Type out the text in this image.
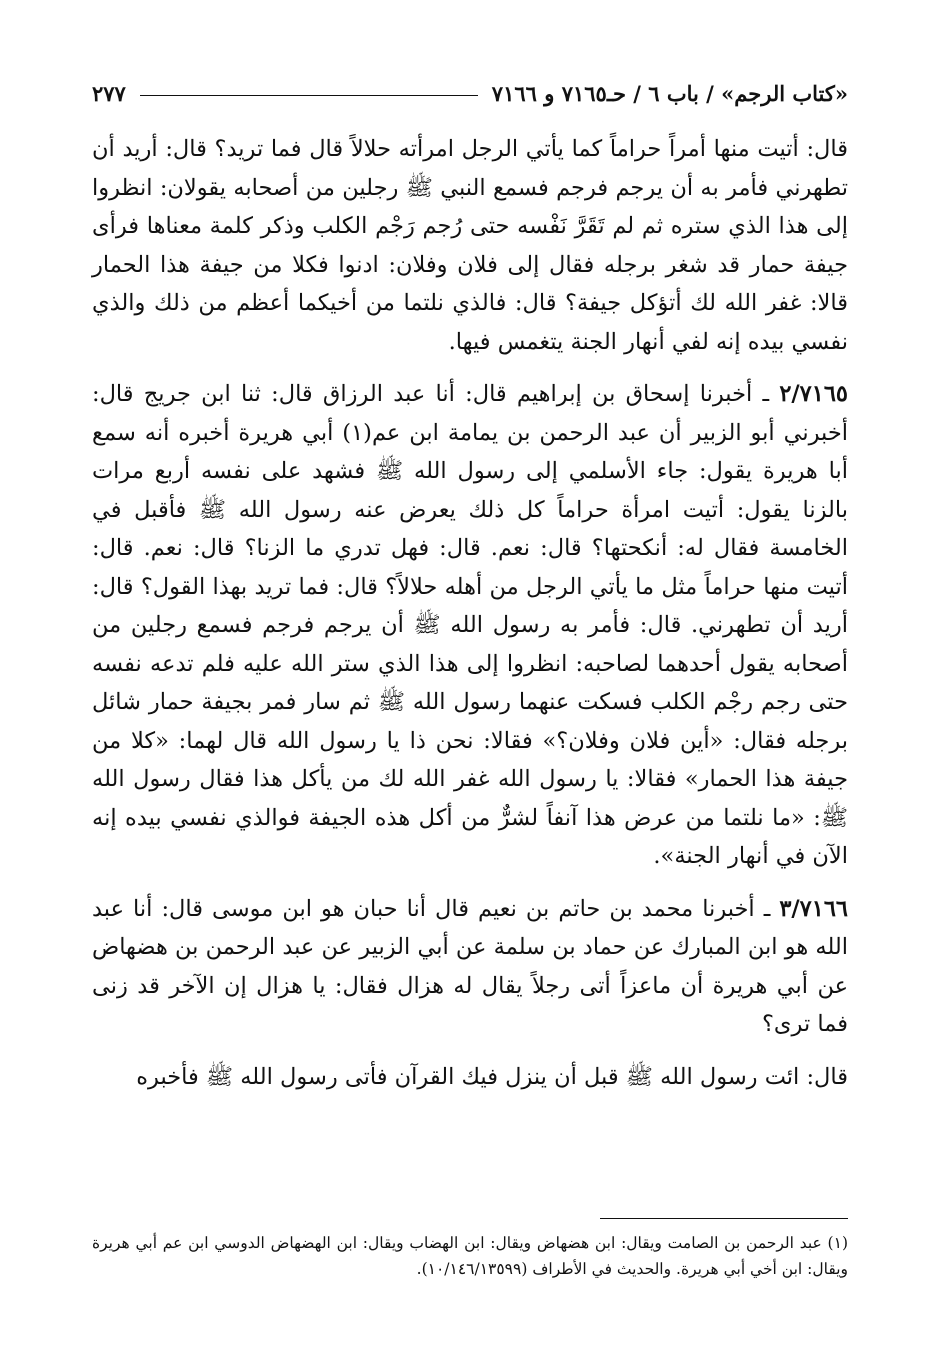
«كتاب الرجم» / باب ٦ / حـ٧١٦٥ و ٧١٦٦
٢٧٧

قال: أتيت منها أمراً حراماً كما يأتي الرجل امرأته حلالاً قال فما تريد؟ قال: أريد أن تطهرني فأمر به أن يرجم فرجم فسمع النبي ﷺ رجلين من أصحابه يقولان: انظروا إلى هذا الذي ستره ثم لم تَقَرَّ نَفْسه حتى رُجم رَجْم الكلب وذكر كلمة معناها فرأى جيفة حمار قد شغر برجله فقال إلى فلان وفلان: ادنوا فكلا من جيفة هذا الحمار قالا: غفر الله لك أتؤكل جيفة؟ قال: فالذي نلتما من أخيكما أعظم من ذلك والذي نفسي بيده إنه لفي أنهار الجنة يتغمس فيها.

٢/٧١٦٥ ـ أخبرنا إسحاق بن إبراهيم قال: أنا عبد الرزاق قال: ثنا ابن جريج قال: أخبرني أبو الزبير أن عبد الرحمن بن يمامة ابن عم(١) أبي هريرة أخبره أنه سمع أبا هريرة يقول: جاء الأسلمي إلى رسول الله ﷺ فشهد على نفسه أربع مرات بالزنا يقول: أتيت امرأة حراماً كل ذلك يعرض عنه رسول الله ﷺ فأقبل في الخامسة فقال له: أنكحتها؟ قال: نعم. قال: فهل تدري ما الزنا؟ قال: نعم. قال: أتيت منها حراماً مثل ما يأتي الرجل من أهله حلالاً؟ قال: فما تريد بهذا القول؟ قال: أريد أن تطهرني. قال: فأمر به رسول الله ﷺ أن يرجم فرجم فسمع رجلين من أصحابه يقول أحدهما لصاحبه: انظروا إلى هذا الذي ستر الله عليه فلم تدعه نفسه حتى رجم رجْم الكلب فسكت عنهما رسول الله ﷺ ثم سار فمر بجيفة حمار شائل برجله فقال: «أين فلان وفلان؟» فقالا: نحن ذا يا رسول الله قال لهما: «كلا من جيفة هذا الحمار» فقالا: يا رسول الله غفر الله لك من يأكل هذا فقال رسول الله ﷺ: «ما نلتما من عرض هذا آنفاً لشرٌّ من أكل هذه الجيفة فوالذي نفسي بيده إنه الآن في أنهار الجنة».

٣/٧١٦٦ ـ أخبرنا محمد بن حاتم بن نعيم قال أنا حبان هو ابن موسى قال: أنا عبد الله هو ابن المبارك عن حماد بن سلمة عن أبي الزبير عن عبد الرحمن بن هضهاض عن أبي هريرة أن ماعزاً أتى رجلاً يقال له هزال فقال: يا هزال إن الآخر قد زنى فما ترى؟

قال: ائت رسول الله ﷺ قبل أن ينزل فيك القرآن فأتى رسول الله ﷺ فأخبره

(١) عبد الرحمن بن الصامت ويقال: ابن هضهاض ويقال: ابن الهضاب ويقال: ابن الهضهاض الدوسي ابن عم أبي هريرة ويقال: ابن أخي أبي هريرة. والحديث في الأطراف (١٠/١٤٦/١٣٥٩٩).
